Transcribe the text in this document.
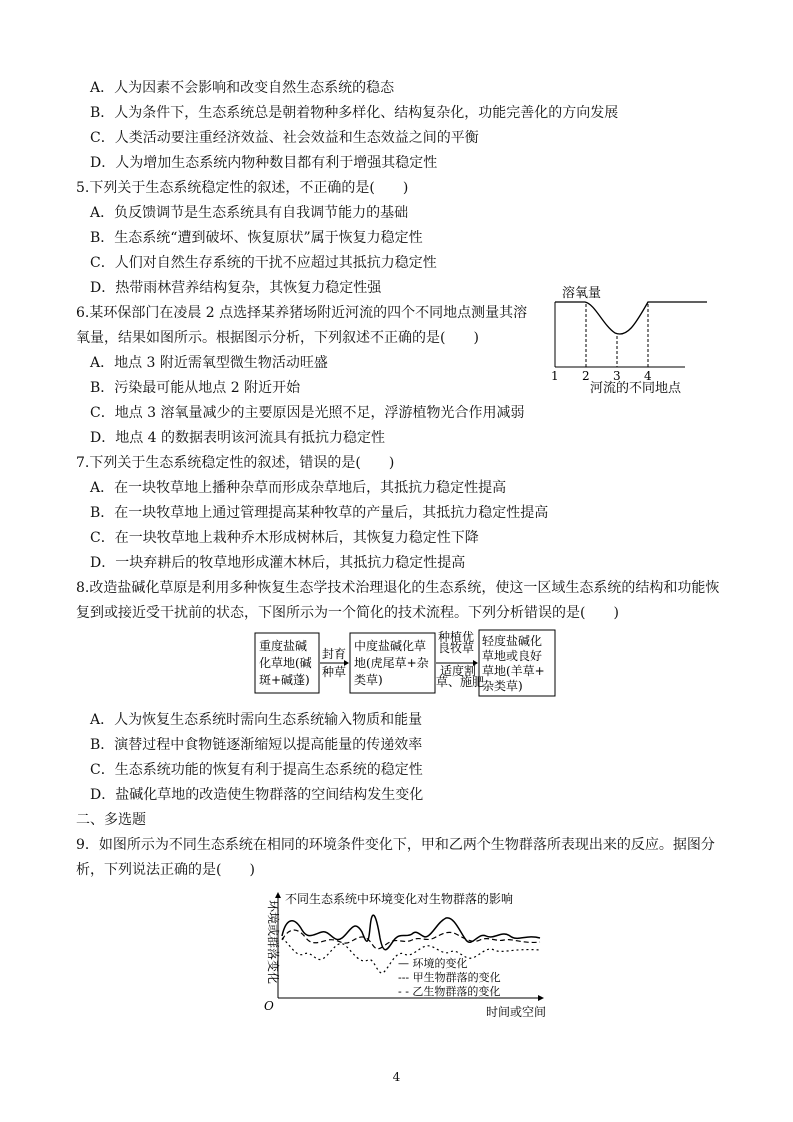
A．人为因素不会影响和改变自然生态系统的稳态
B．人为条件下，生态系统总是朝着物种多样化、结构复杂化，功能完善化的方向发展
C．人类活动要注重经济效益、社会效益和生态效益之间的平衡
D．人为增加生态系统内物种数目都有利于增强其稳定性
5.下列关于生态系统稳定性的叙述，不正确的是(　　)
A．负反馈调节是生态系统具有自我调节能力的基础
B．生态系统“遭到破坏、恢复原状”属于恢复力稳定性
C．人们对自然生存系统的干扰不应超过其抵抗力稳定性
D．热带雨林营养结构复杂，其恢复力稳定性强
6.某环保部门在凌晨 2 点选择某养猪场附近河流的四个不同地点测量其溶
氧量，结果如图所示。根据图示分析，下列叙述不正确的是(　　)
A．地点 3 附近需氧型微生物活动旺盛
B．污染最可能从地点 2 附近开始
C．地点 3 溶氧量减少的主要原因是光照不足，浮游植物光合作用减弱
D．地点 4 的数据表明该河流具有抵抗力稳定性
7.下列关于生态系统稳定性的叙述，错误的是(　　)
A．在一块牧草地上播种杂草而形成杂草地后，其抵抗力稳定性提高
B．在一块牧草地上通过管理提高某种牧草的产量后，其抵抗力稳定性提高
C．在一块牧草地上栽种乔木形成树林后，其恢复力稳定性下降
D．一块弃耕后的牧草地形成灌木林后，其抵抗力稳定性提高
8.改造盐碱化草原是利用多种恢复生态学技术治理退化的生态系统，使这一区域生态系统的结构和功能恢
复到或接近受干扰前的状态，下图所示为一个简化的技术流程。下列分析错误的是(　　)
溶氧量
1 2 3 4
河流的不同地点
重度盐碱
化草地(碱
斑+碱蓬)
封育
种草
中度盐碱化草
地(虎尾草+杂
类草)
种植优
良牧草
适度割
草、施肥
轻度盐碱化
草地或良好
草地(羊草+
杂类草)
A．人为恢复生态系统时需向生态系统输入物质和能量
B．演替过程中食物链逐渐缩短以提高能量的传递效率
C．生态系统功能的恢复有利于提高生态系统的稳定性
D．盐碱化草地的改造使生物群落的空间结构发生变化
二、多选题
9．如图所示为不同生态系统在相同的环境条件变化下，甲和乙两个生物群落所表现出来的反应。据图分
析，下列说法正确的是(　　)
不同生态系统中环境变化对生物群落的影响
环境或群落变化
O	时间或空间
— 环境的变化
--- 甲生物群落的变化
- - 乙生物群落的变化
4
